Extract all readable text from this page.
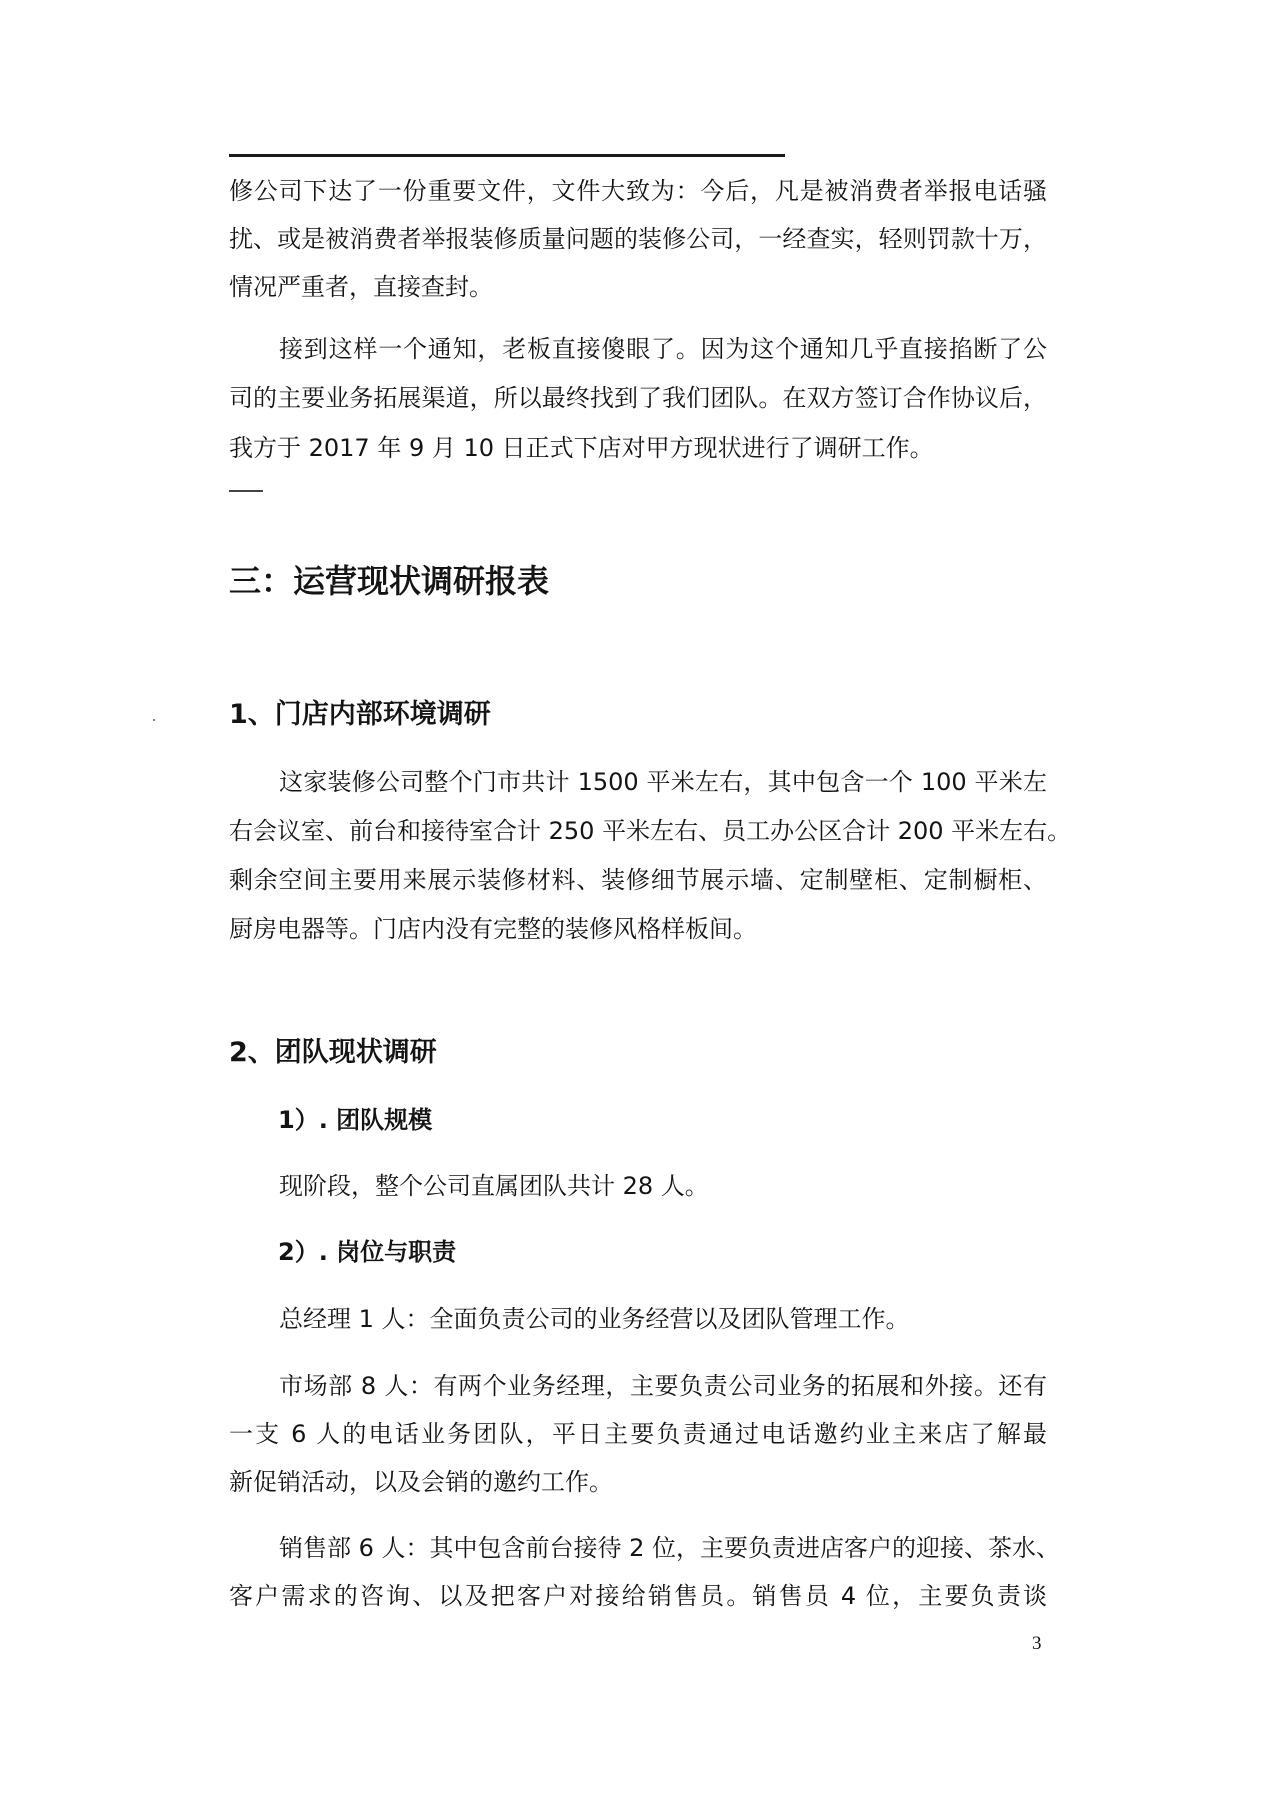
修公司下达了一份重要文件，文件大致为：今后，凡是被消费者举报电话骚
扰、或是被消费者举报装修质量问题的装修公司，一经查实，轻则罚款十万，
情况严重者，直接查封。
接到这样一个通知，老板直接傻眼了。因为这个通知几乎直接掐断了公
司的主要业务拓展渠道，所以最终找到了我们团队。在双方签订合作协议后，
我方于 2017 年 9 月 10 日正式下店对甲方现状进行了调研工作。
三：运营现状调研报表
1、门店内部环境调研
这家装修公司整个门市共计 1500 平米左右，其中包含一个 100 平米左
右会议室、前台和接待室合计 250 平米左右、员工办公区合计 200 平米左右。
剩余空间主要用来展示装修材料、装修细节展示墙、定制壁柜、定制橱柜、
厨房电器等。门店内没有完整的装修风格样板间。
2、团队现状调研
1）. 团队规模
现阶段，整个公司直属团队共计 28 人。
2）. 岗位与职责
总经理 1 人：全面负责公司的业务经营以及团队管理工作。
市场部 8 人：有两个业务经理，主要负责公司业务的拓展和外接。还有
一支 6 人的电话业务团队，平日主要负责通过电话邀约业主来店了解最
新促销活动，以及会销的邀约工作。
销售部 6 人：其中包含前台接待 2 位，主要负责进店客户的迎接、茶水、
客户需求的咨询、以及把客户对接给销售员。销售员 4 位，主要负责谈
3
